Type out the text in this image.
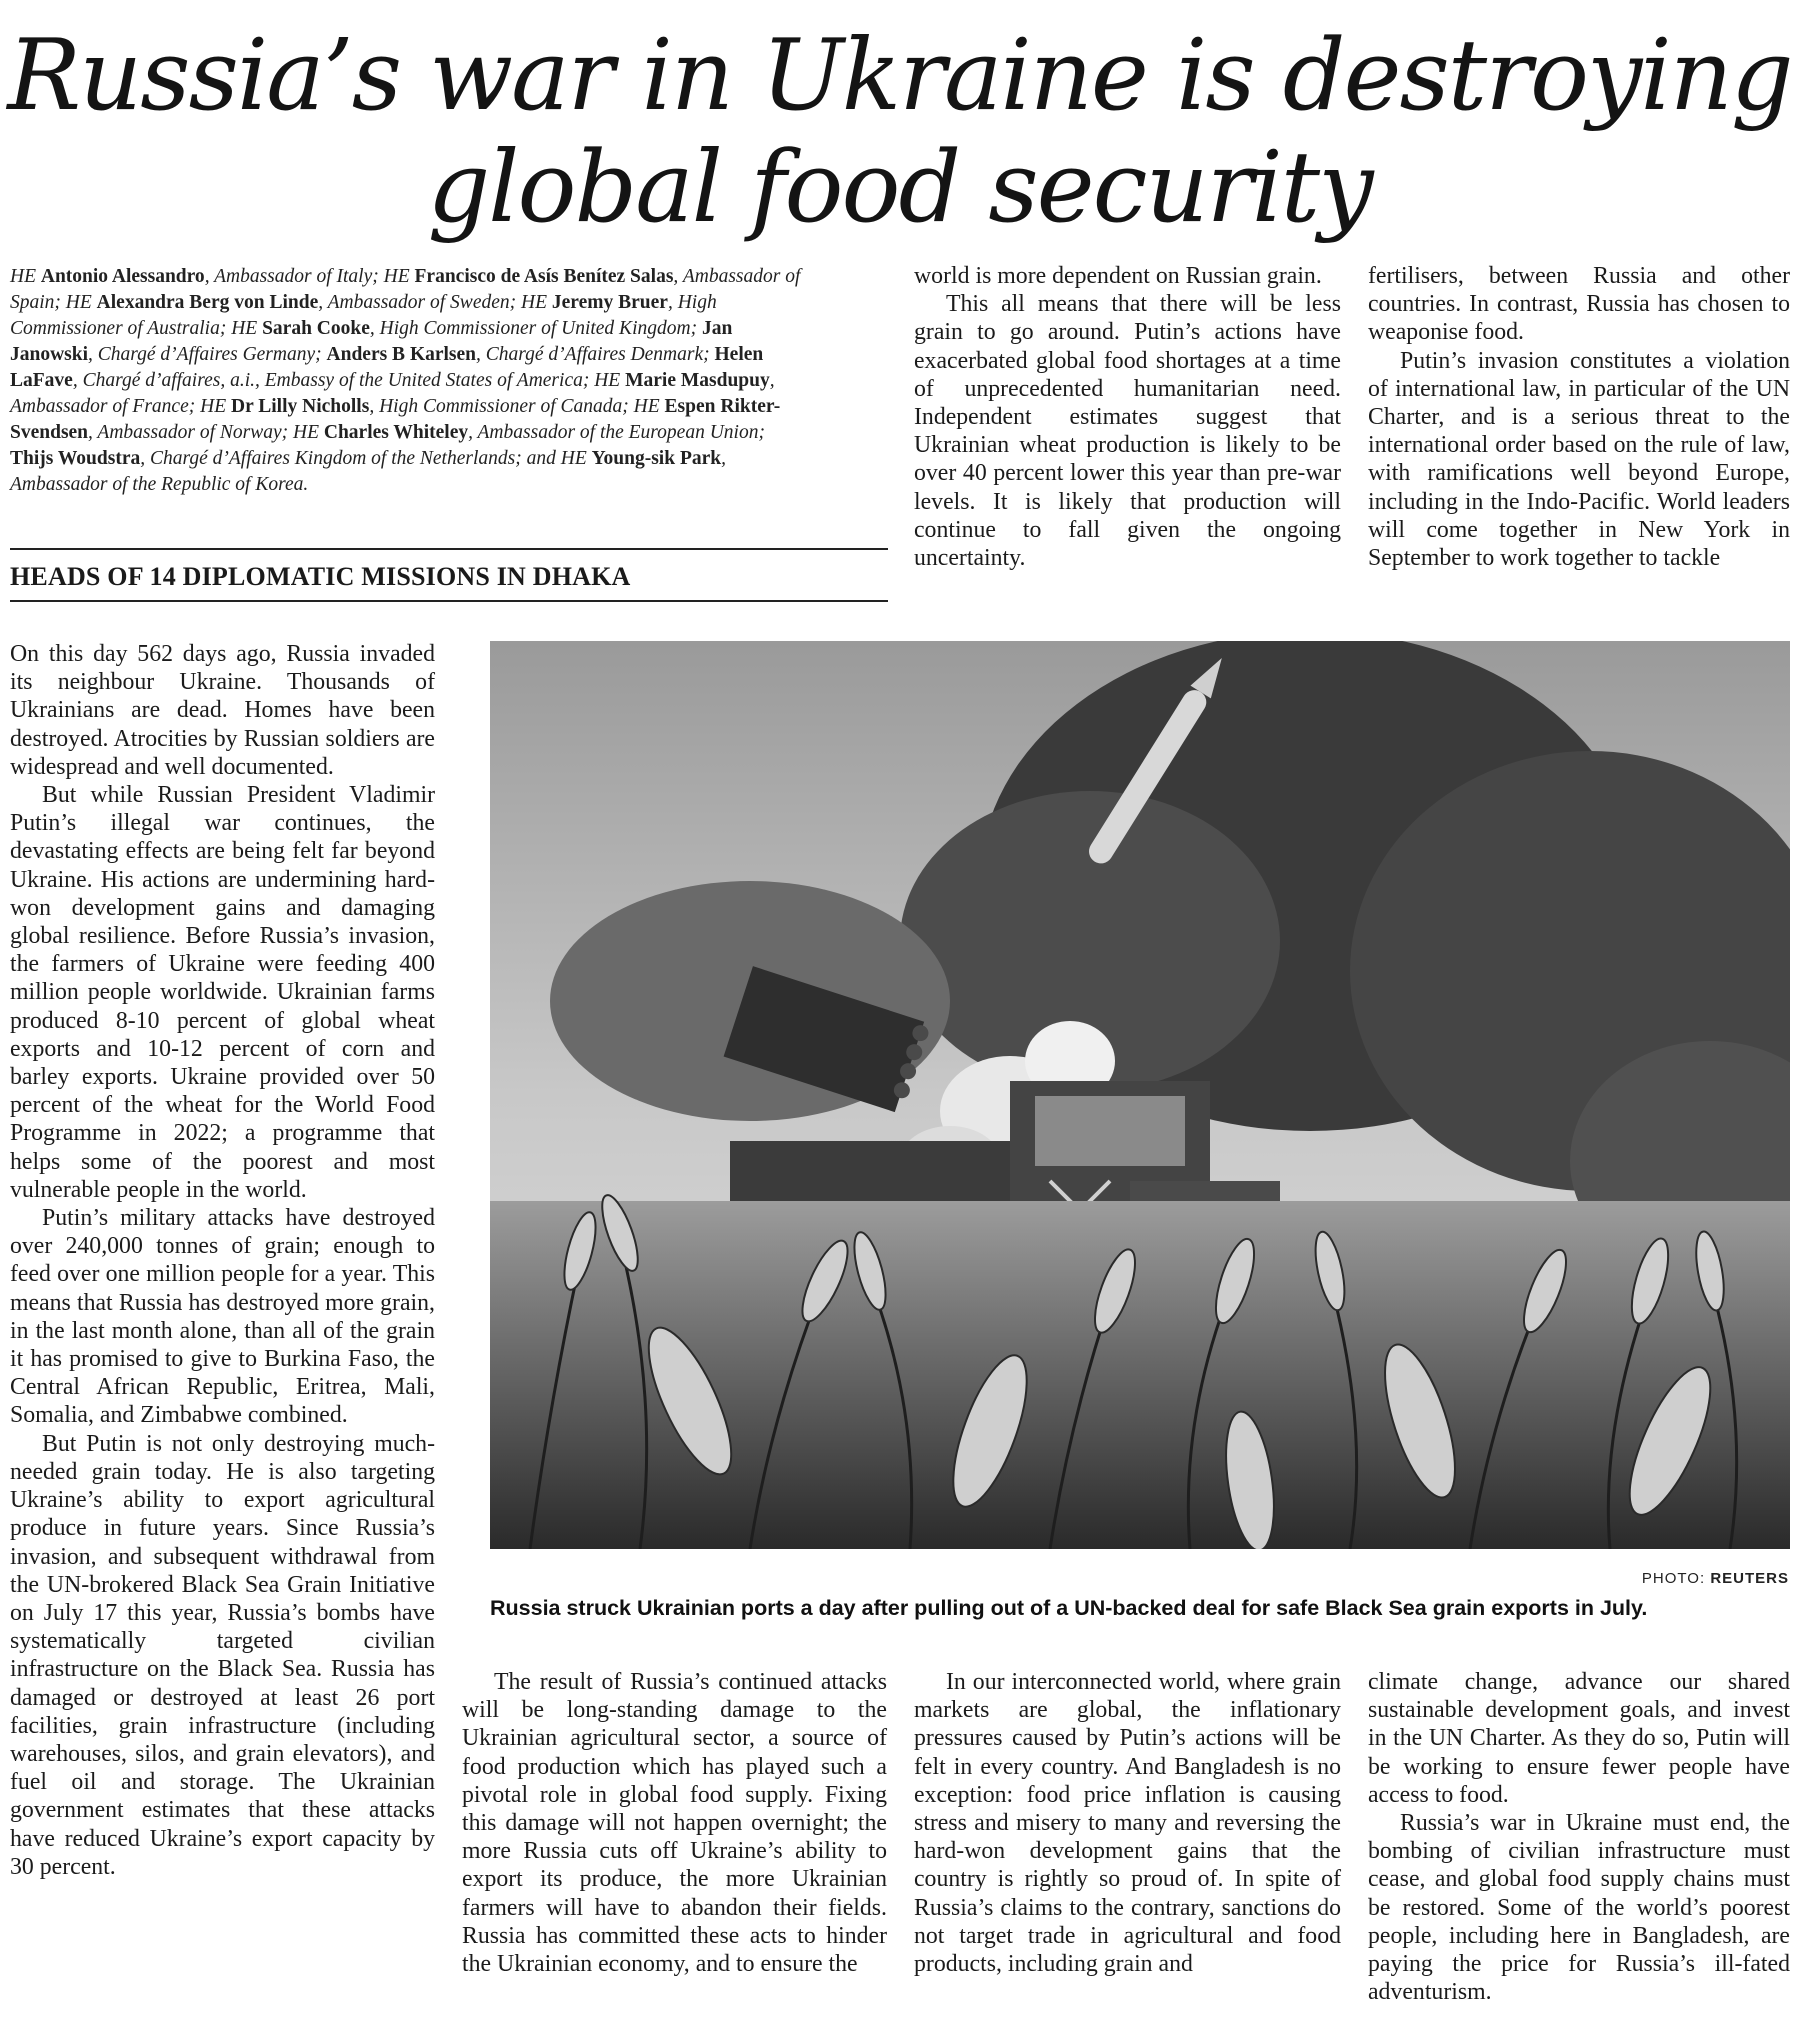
Russia’s war in Ukraine is destroying
global food security
HE Antonio Alessandro, Ambassador of Italy; HE Francisco de Asís Benítez Salas, Ambassador of Spain; HE Alexandra Berg von Linde, Ambassador of Sweden; HE Jeremy Bruer, High Commissioner of Australia; HE Sarah Cooke, High Commissioner of United Kingdom; Jan Janowski, Chargé d’Affaires Germany; Anders B Karlsen, Chargé d’Affaires Denmark; Helen LaFave, Chargé d’affaires, a.i., Embassy of the United States of America; HE Marie Masdupuy, Ambassador of France; HE Dr Lilly Nicholls, High Commissioner of Canada; HE Espen Rikter-Svendsen, Ambassador of Norway; HE Charles Whiteley, Ambassador of the European Union; Thijs Woudstra, Chargé d’Affaires Kingdom of the Netherlands; and HE Young-sik Park, Ambassador of the Republic of Korea.
HEADS OF 14 DIPLOMATIC MISSIONS IN DHAKA

world is more dependent on Russian grain.

This all means that there will be less grain to go around. Putin’s actions have exacerbated global food shortages at a time of unprecedented humanitarian need. Independent estimates suggest that Ukrainian wheat production is likely to be over 40 percent lower this year than pre-war levels. It is likely that production will continue to fall given the ongoing uncertainty.

fertilisers, between Russia and other countries. In contrast, Russia has chosen to weaponise food.

Putin’s invasion constitutes a violation of international law, in particular of the UN Charter, and is a serious threat to the international order based on the rule of law, with ramifications well beyond Europe, including in the Indo-Pacific. World leaders will come together in New York in September to work together to tackle

On this day 562 days ago, Russia invaded its neighbour Ukraine. Thousands of Ukrainians are dead. Homes have been destroyed. Atrocities by Russian soldiers are widespread and well documented.

But while Russian President Vladimir Putin’s illegal war continues, the devastating effects are being felt far beyond Ukraine. His actions are undermining hard-won development gains and damaging global resilience. Before Russia’s invasion, the farmers of Ukraine were feeding 400 million people worldwide. Ukrainian farms produced 8-10 percent of global wheat exports and 10-12 percent of corn and barley exports. Ukraine provided over 50 percent of the wheat for the World Food Programme in 2022; a programme that helps some of the poorest and most vulnerable people in the world.

Putin’s military attacks have destroyed over 240,000 tonnes of grain; enough to feed over one million people for a year. This means that Russia has destroyed more grain, in the last month alone, than all of the grain it has promised to give to Burkina Faso, the Central African Republic, Eritrea, Mali, Somalia, and Zimbabwe combined.

But Putin is not only destroying much-needed grain today. He is also targeting Ukraine’s ability to export agricultural produce in future years. Since Russia’s invasion, and subsequent withdrawal from the UN-brokered Black Sea Grain Initiative on July 17 this year, Russia’s bombs have systematically targeted civilian infrastructure on the Black Sea. Russia has damaged or destroyed at least 26 port facilities, grain infrastructure (including warehouses, silos, and grain elevators), and fuel oil and storage. The Ukrainian government estimates that these attacks have reduced Ukraine’s export capacity by 30 percent.

PHOTO: REUTERS
Russia struck Ukrainian ports a day after pulling out of a UN-backed deal for safe Black Sea grain exports in July.

The result of Russia’s continued attacks will be long-standing damage to the Ukrainian agricultural sector, a source of food production which has played such a pivotal role in global food supply. Fixing this damage will not happen overnight; the more Russia cuts off Ukraine’s ability to export its produce, the more Ukrainian farmers will have to abandon their fields. Russia has committed these acts to hinder the Ukrainian economy, and to ensure the

In our interconnected world, where grain markets are global, the inflationary pressures caused by Putin’s actions will be felt in every country. And Bangladesh is no exception: food price inflation is causing stress and misery to many and reversing the hard-won development gains that the country is rightly so proud of. In spite of Russia’s claims to the contrary, sanctions do not target trade in agricultural and food products, including grain and

climate change, advance our shared sustainable development goals, and invest in the UN Charter. As they do so, Putin will be working to ensure fewer people have access to food.

Russia’s war in Ukraine must end, the bombing of civilian infrastructure must cease, and global food supply chains must be restored. Some of the world’s poorest people, including here in Bangladesh, are paying the price for Russia’s ill-fated adventurism.
